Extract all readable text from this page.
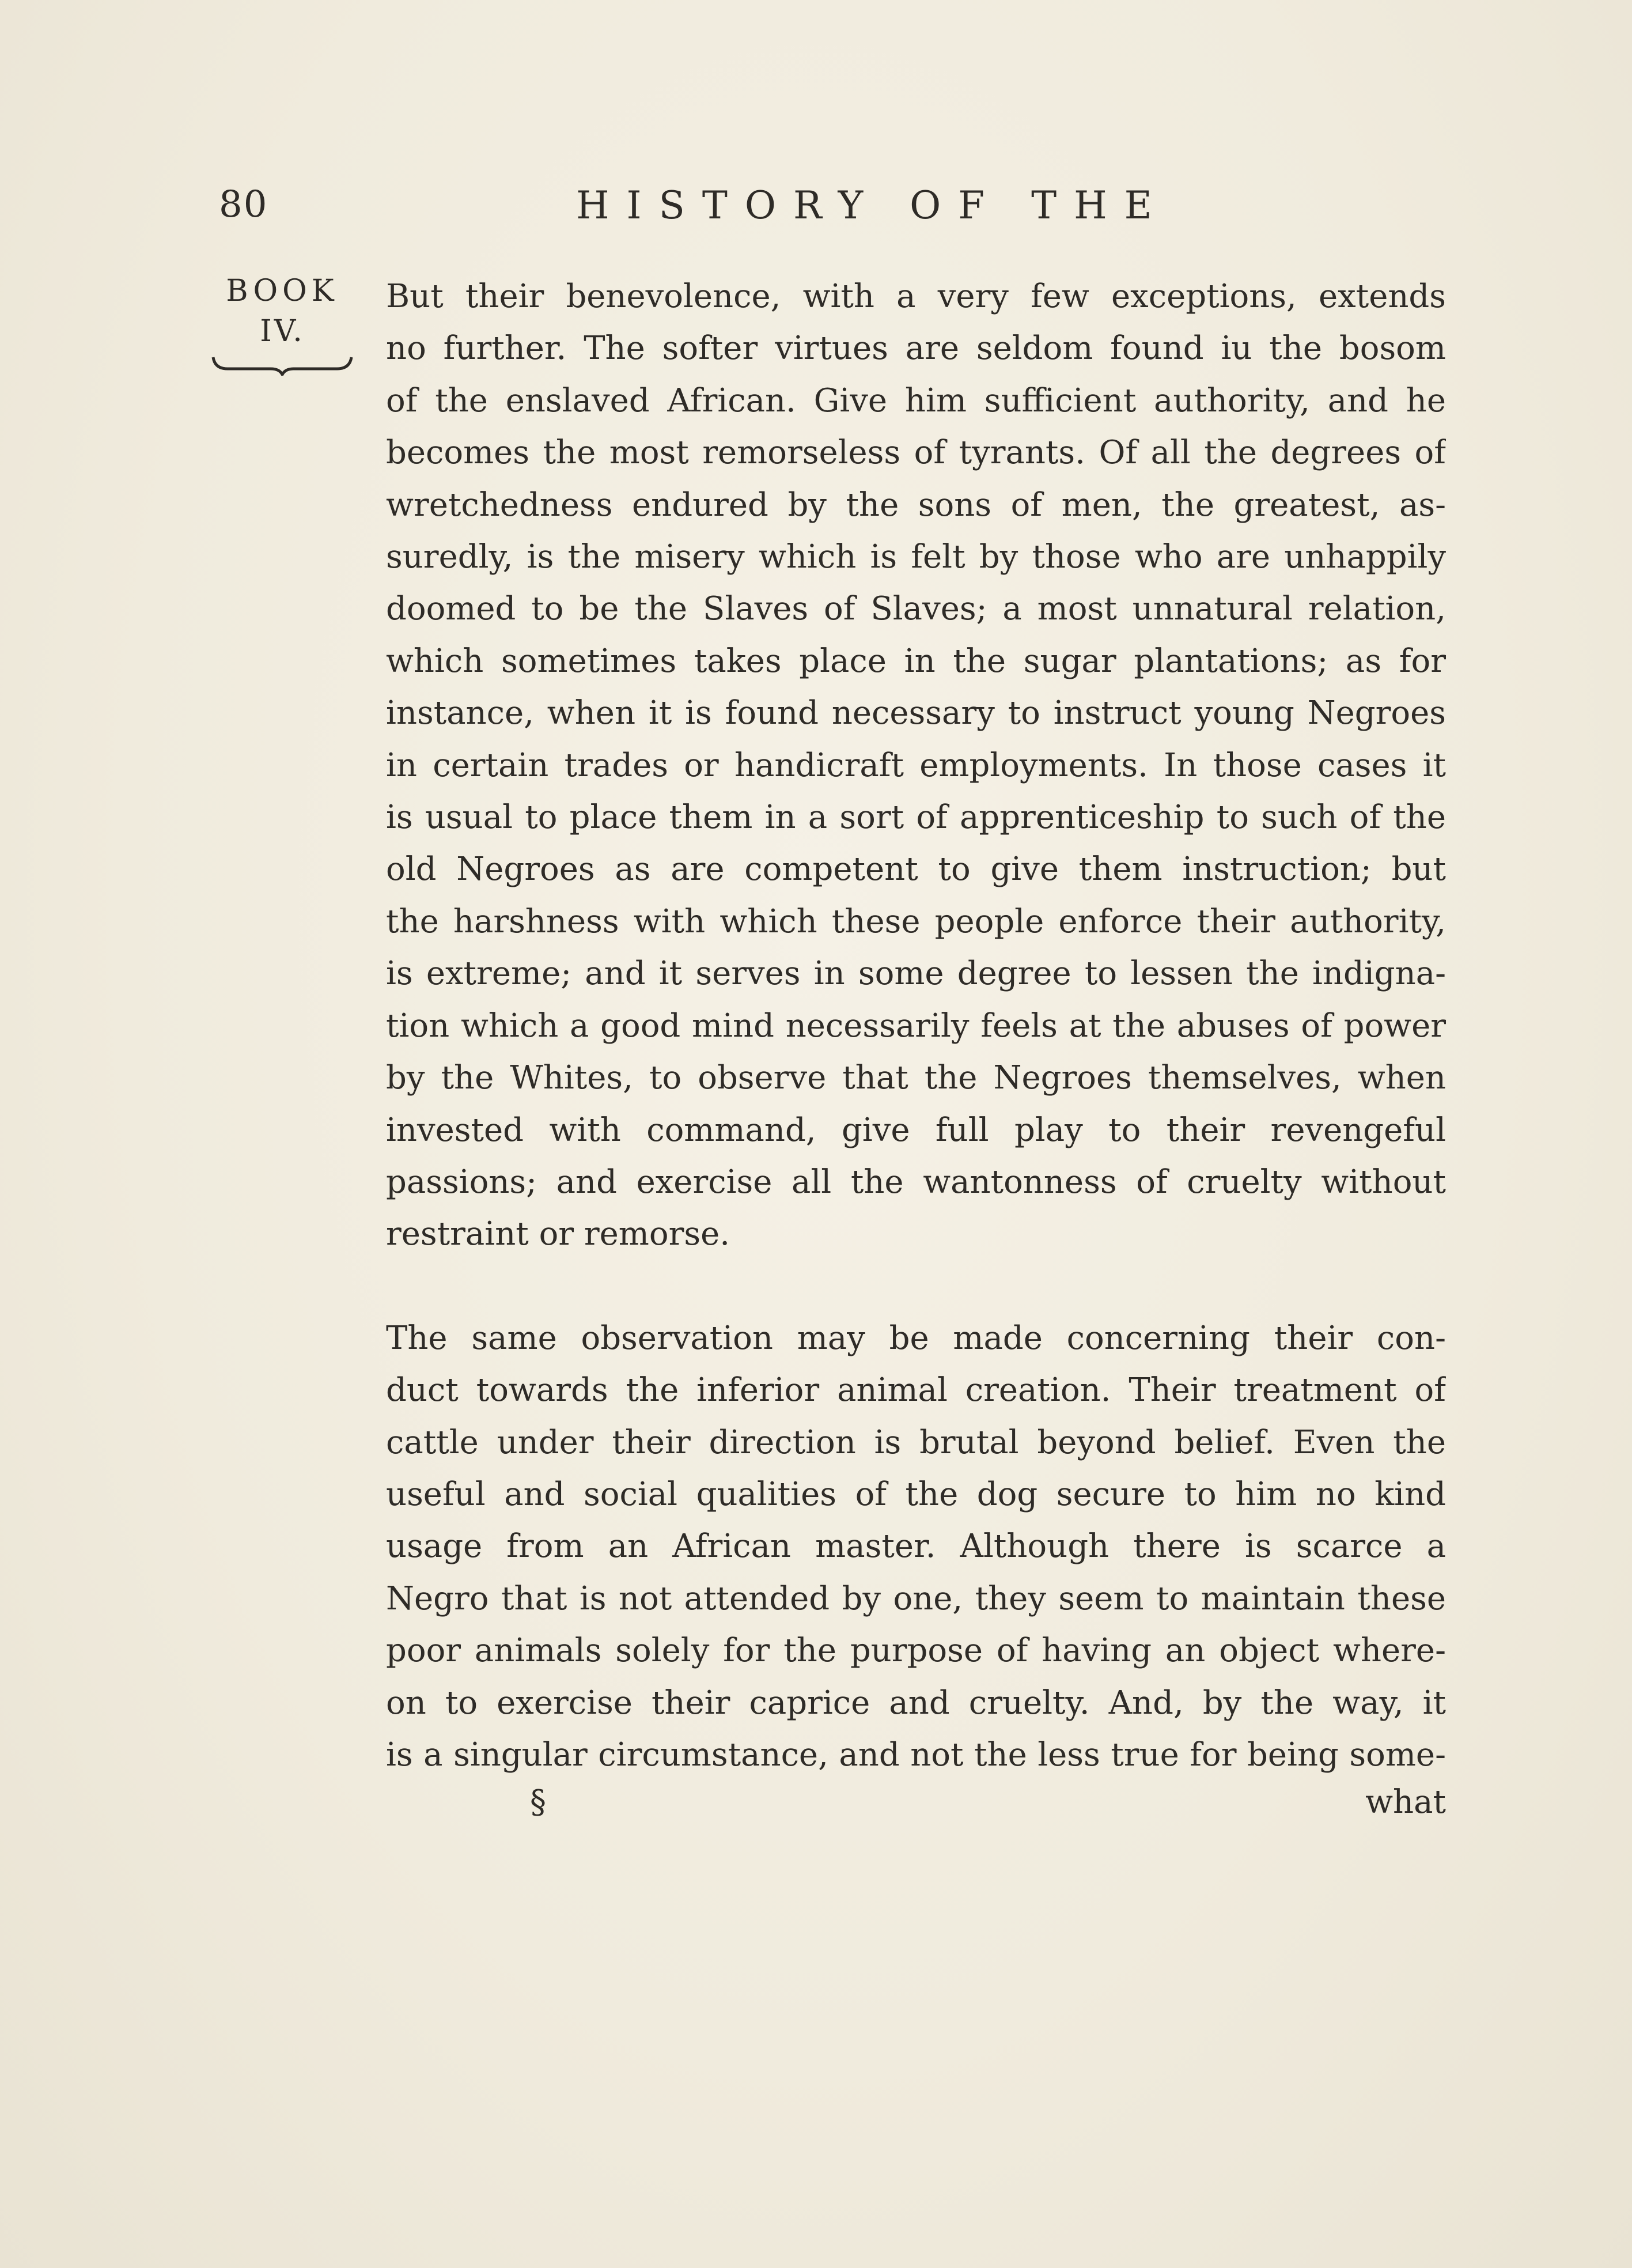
80	HISTORY OF THE
BOOK
IV.
But their benevolence, with a very few exceptions, extends
no further. The softer virtues are seldom found iu the bosom
of the enslaved African. Give him sufficient authority, and he
becomes the most remorseless of tyrants. Of all the degrees of
wretchedness endured by the sons of men, the greatest, as-
suredly, is the misery which is felt by those who are unhappily
doomed to be the Slaves of Slaves; a most unnatural relation,
which sometimes takes place in the sugar plantations; as for
instance, when it is found necessary to instruct young Negroes
in certain trades or handicraft employments. In those cases it
is usual to place them in a sort of apprenticeship to such of the
old Negroes as are competent to give them instruction; but
the harshness with which these people enforce their authority,
is extreme; and it serves in some degree to lessen the indigna-
tion which a good mind necessarily feels at the abuses of power
by the Whites, to observe that the Negroes themselves, when
invested with command, give full play to their revengeful
passions; and exercise all the wantonness of cruelty without
restraint or remorse.
The same observation may be made concerning their con-
duct towards the inferior animal creation. Their treatment of
cattle under their direction is brutal beyond belief. Even the
useful and social qualities of the dog secure to him no kind
usage from an African master. Although there is scarce a
Negro that is not attended by one, they seem to maintain these
poor animals solely for the purpose of having an object where-
on to exercise their caprice and cruelty. And, by the way, it
is a singular circumstance, and not the less true for being some-
§	what
